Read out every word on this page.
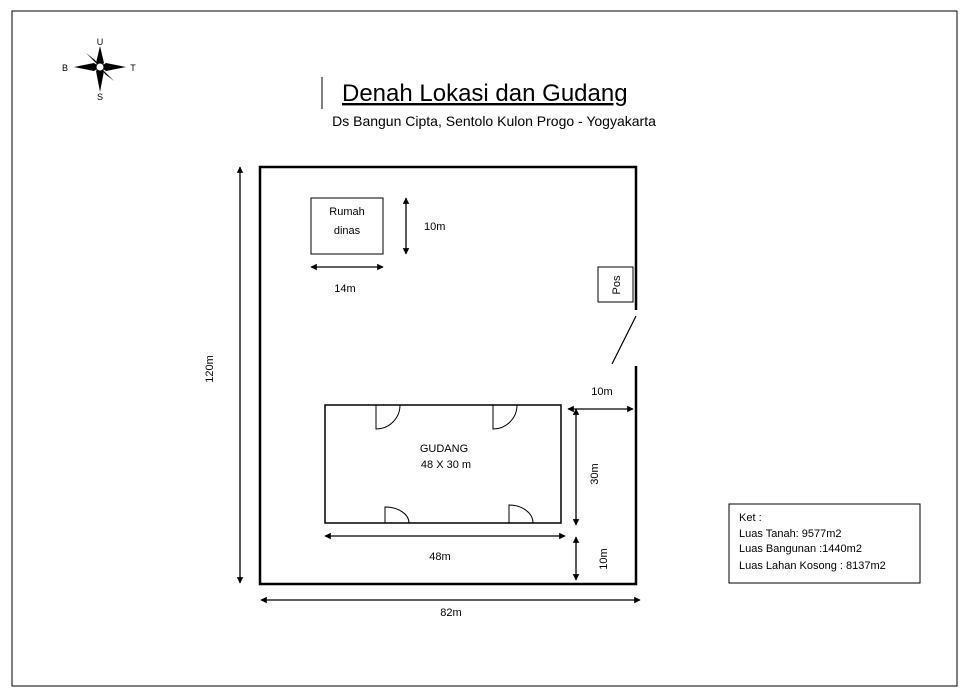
U
S
B	T
Denah Lokasi dan Gudang
Ds Bangun Cipta, Sentolo Kulon Progo - Yogyakarta
Pos
Rumah
dinas	10m
14m
GUDANG
48 X 30 m
48m
30m
10m
10m
120m
82m
Ket :
Luas Tanah: 9577m2
Luas Bangunan :1440m2
Luas Lahan Kosong : 8137m2
